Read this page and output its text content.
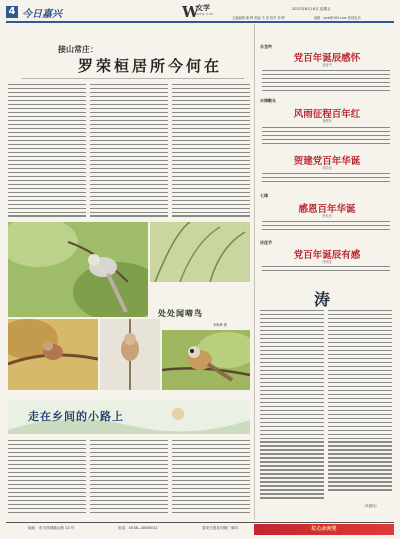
4 今日嘉兴	W
文学
WEN XUE
2021年6月18日 星期五
主编编辑 谢 晖 美编 韦 星 校对 李 晖	邮箱：jqrb@163.com 热线电话
接山常庄：
罗荣桓居所今何在
处处闻啼鸟
李明峰 摄
走在乡间的小路上
永龙吟
党百年诞辰感怀
吴爱中
水调歌头
风雨征程百年红
李照东
贺建党百年华诞
邓学良
七律
感恩百年华诞
李长法
庆佳节
党百年诞辰有感
吕明宝
涛
（朱振伟）
地址：市平昌城镇山路 13 号	电话：0538—8506012	泰安日报社印刷厂承印	红心永向党
